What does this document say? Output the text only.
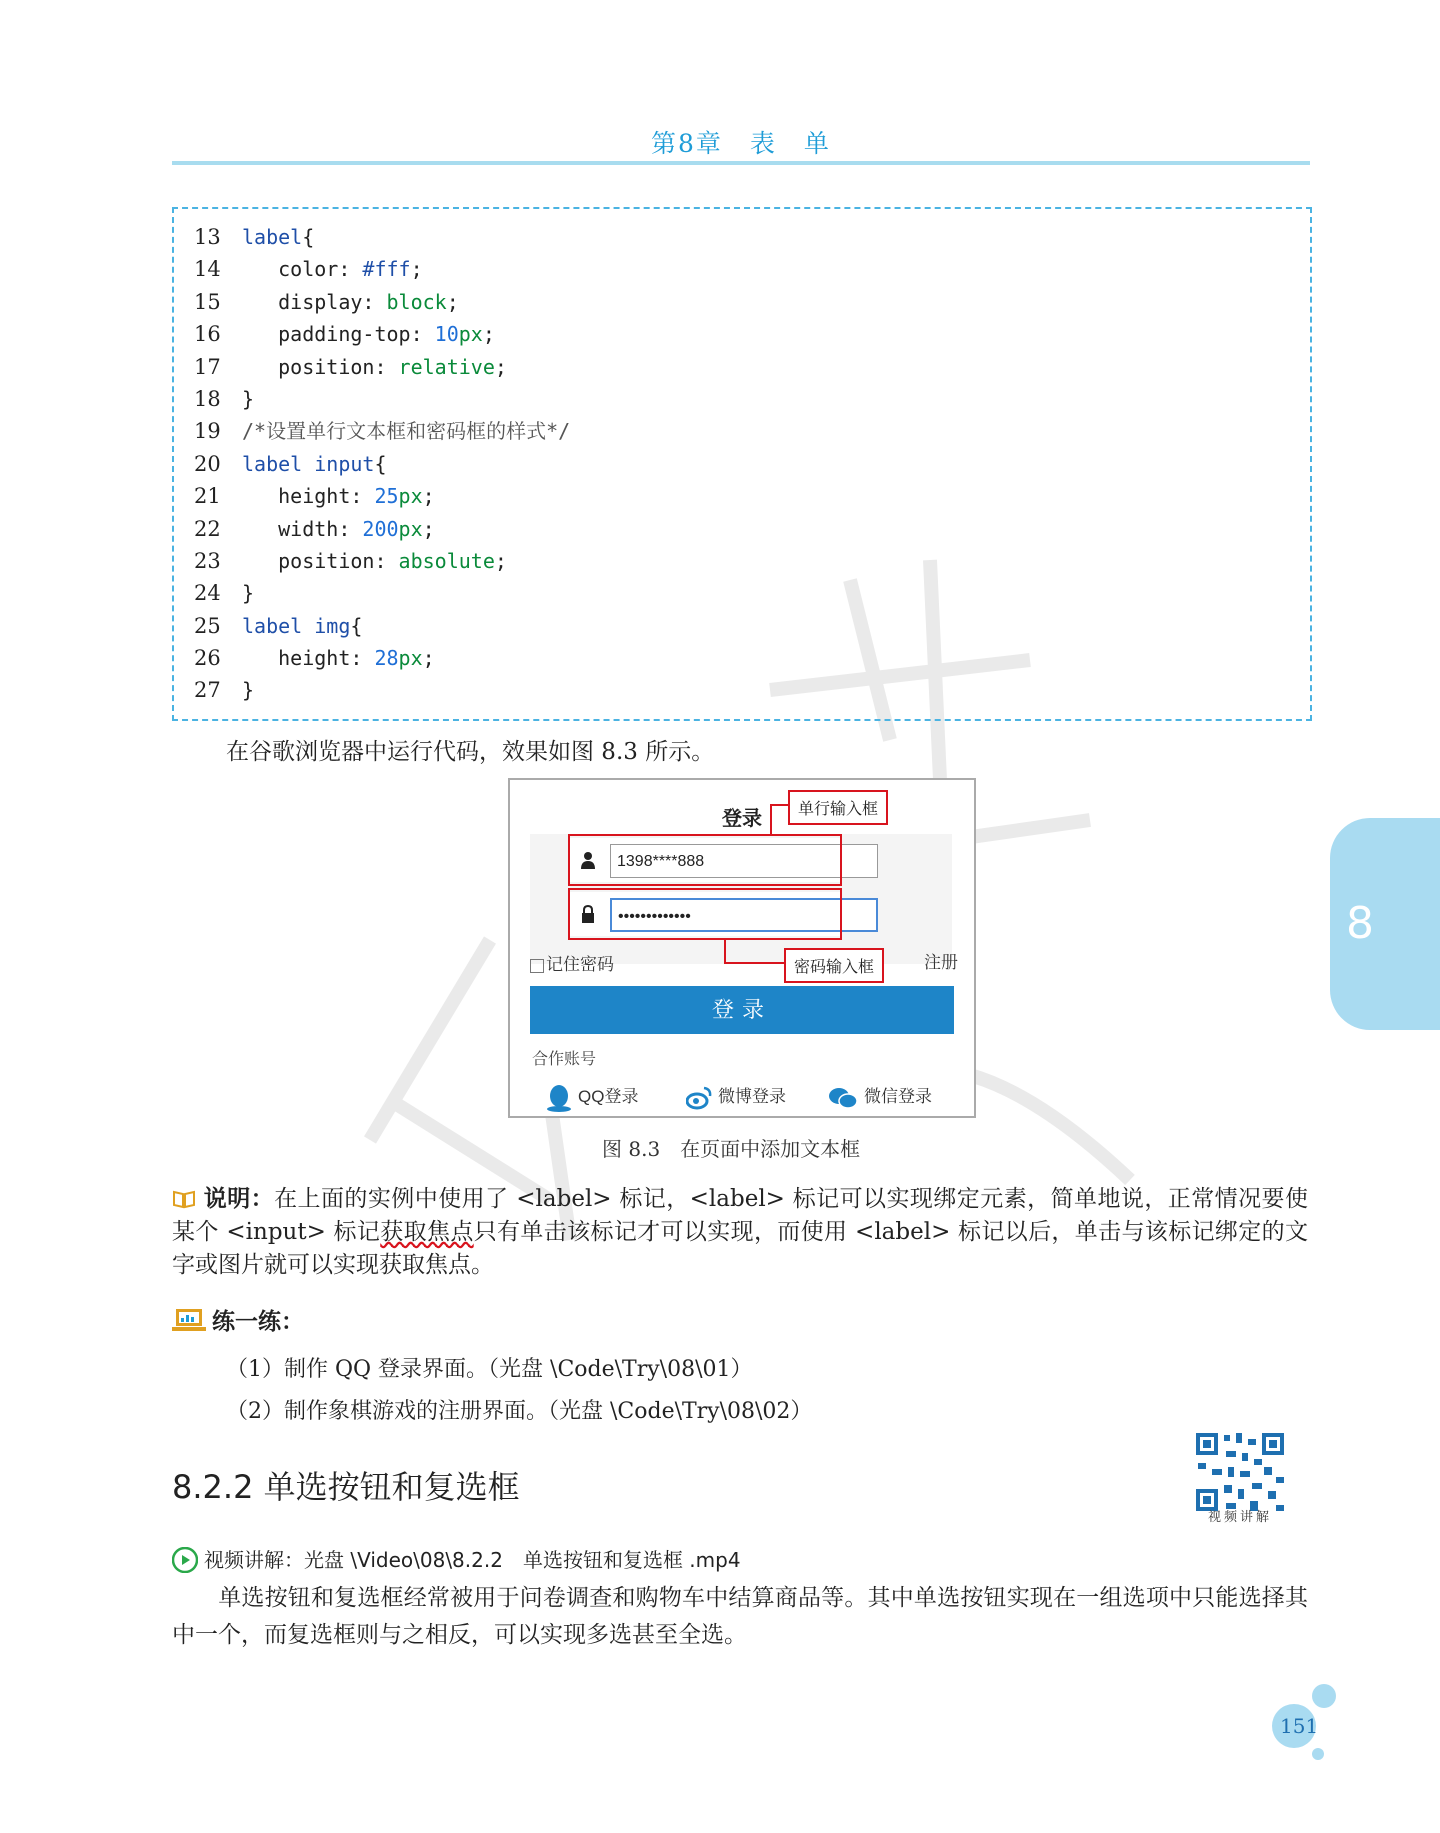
第8章　表　单
13 label{
14   color: #fff;
15   display: block;
16   padding-top: 10px;
17   position: relative;
18 }
19 /*设置单行文本框和密码框的样式*/
20 label input{
21   height: 25px;
22   width: 200px;
23   position: absolute;
24 }
25 label img{
26   height: 28px;
27 }
在谷歌浏览器中运行代码，效果如图 8.3 所示。
登录
1398****888
•••••••••••••
单行输入框
密码输入框
记住密码	注册
登录
合作账号
QQ登录	微博登录	微信登录
图 8.3　在页面中添加文本框
说明：在上面的实例中使用了 <label> 标记，<label> 标记可以实现绑定元素，简单地说，正常情况要使某个 <input> 标记获取焦点只有单击该标记才可以实现，而使用 <label> 标记以后，单击与该标记绑定的文字或图片就可以实现获取焦点。
练一练：
（1）制作 QQ 登录界面。（光盘 \Code\Try\08\01）
（2）制作象棋游戏的注册界面。（光盘 \Code\Try\08\02）
8.2.2 单选按钮和复选框
视频讲解
视频讲解：光盘 \Video\08\8.2.2　单选按钮和复选框 .mp4
单选按钮和复选框经常被用于问卷调查和购物车中结算商品等。其中单选按钮实现在一组选项中只能选择其中一个，而复选框则与之相反，可以实现多选甚至全选。
8
151
